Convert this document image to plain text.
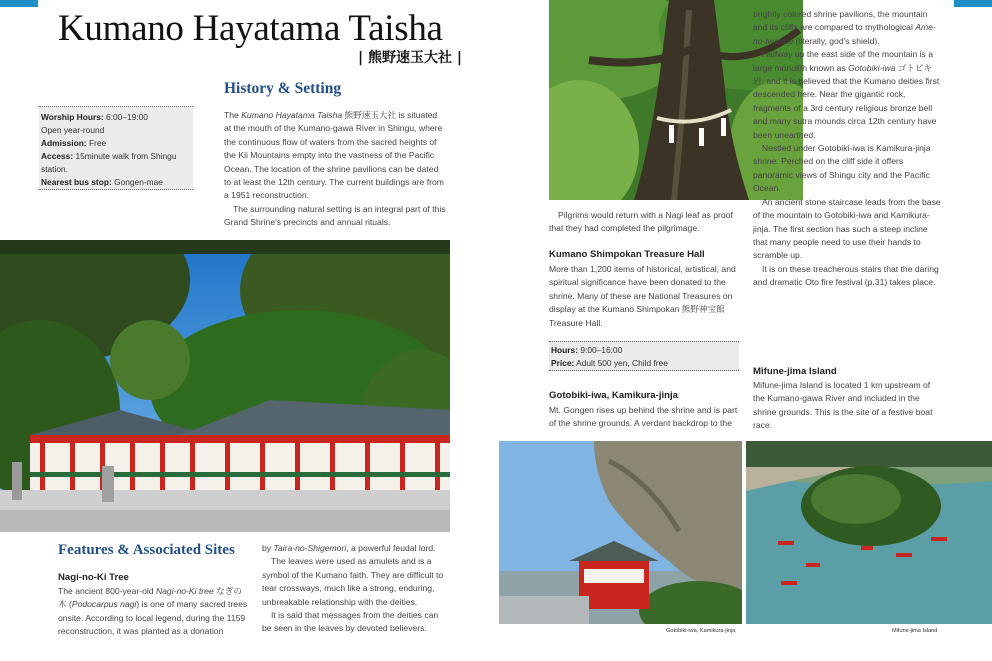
Kumano Hayatama Taisha
| 熊野速玉大社 |
Worship Hours: 6:00–19:00
Open year-round
Admission: Free
Access: 15minute walk from Shingu station.
Nearest bus stop: Gongen-mae
History & Setting

The Kumano Hayatama Taisha 熊野速玉大社 is situated at the mouth of the Kumano-gawa River in Shingu, where the continuous flow of waters from the sacred heights of the Kii Mountains empty into the vastness of the Pacific Ocean. The location of the shrine pavilions can be dated to at least the 12th century. The current buildings are from a 1951 reconstruction.

The surrounding natural setting is an integral part of this Grand Shrine's precincts and annual rituals.

Features & Associated Sites
Nagi-no-Ki Tree

The ancient 800-year-old Nagi-no-Ki tree なぎの木 (Podocarpus nagi) is one of many sacred trees onsite. According to local legend, during the 1159 reconstruction, it was planted as a donation

by Taira-no-Shigemori, a powerful feudal lord.

The leaves were used as amulets and is a symbol of the Kumano faith. They are difficult to tear crossways, much like a strong, enduring, unbreakable relationship with the deities.

It is said that messages from the deities can be seen in the leaves by devoted believers.

Pilgrims would return with a Nagi leaf as proof that they had completed the pilgrimage.
Kumano Shimpokan Treasure Hall
More than 1,200 items of historical, artistical, and spiritual significance have been donated to the shrine. Many of these are National Treasures on display at the Kumano Shimpokan 熊野神宝館 Treasure Hall.
Hours: 9:00–16:00
Price: Adult 500 yen, Child free
Gotobiki-iwa, Kamikura-jinja
Mt. Gongen rises up behind the shrine and is part of the shrine grounds. A verdant backdrop to the

brightly colored shrine pavilions, the mountain and its cliffs are compared to mythological Ame-no-Iwatate (literally, god's shield).

Halfway up the east side of the mountain is a large monolith known as Gotobiki-iwa ゴトビキ岩, and it is believed that the Kumano deities first descended here. Near the gigantic rock, fragments of a 3rd century religious bronze bell and many sutra mounds circa 12th century have been unearthed.

Nestled under Gotobiki-iwa is Kamikura-jinja shrine. Perched on the cliff side it offers panoramic views of Shingu city and the Pacific Ocean.

An ancient stone staircase leads from the base of the mountain to Gotobiki-iwa and Kamikura-jinja. The first section has such a steep incline that many people need to use their hands to scramble up.

It is on these treacherous stairs that the daring and dramatic Oto fire festival (p.31) takes place.

Mifune-jima Island
Mifune-jima Island is located 1 km upstream of the Kumano-gawa River and included in the shrine grounds. This is the site of a festive boat race.
Gotobiki-iwa, Kamikura-jinja	Mifune-jima Island
